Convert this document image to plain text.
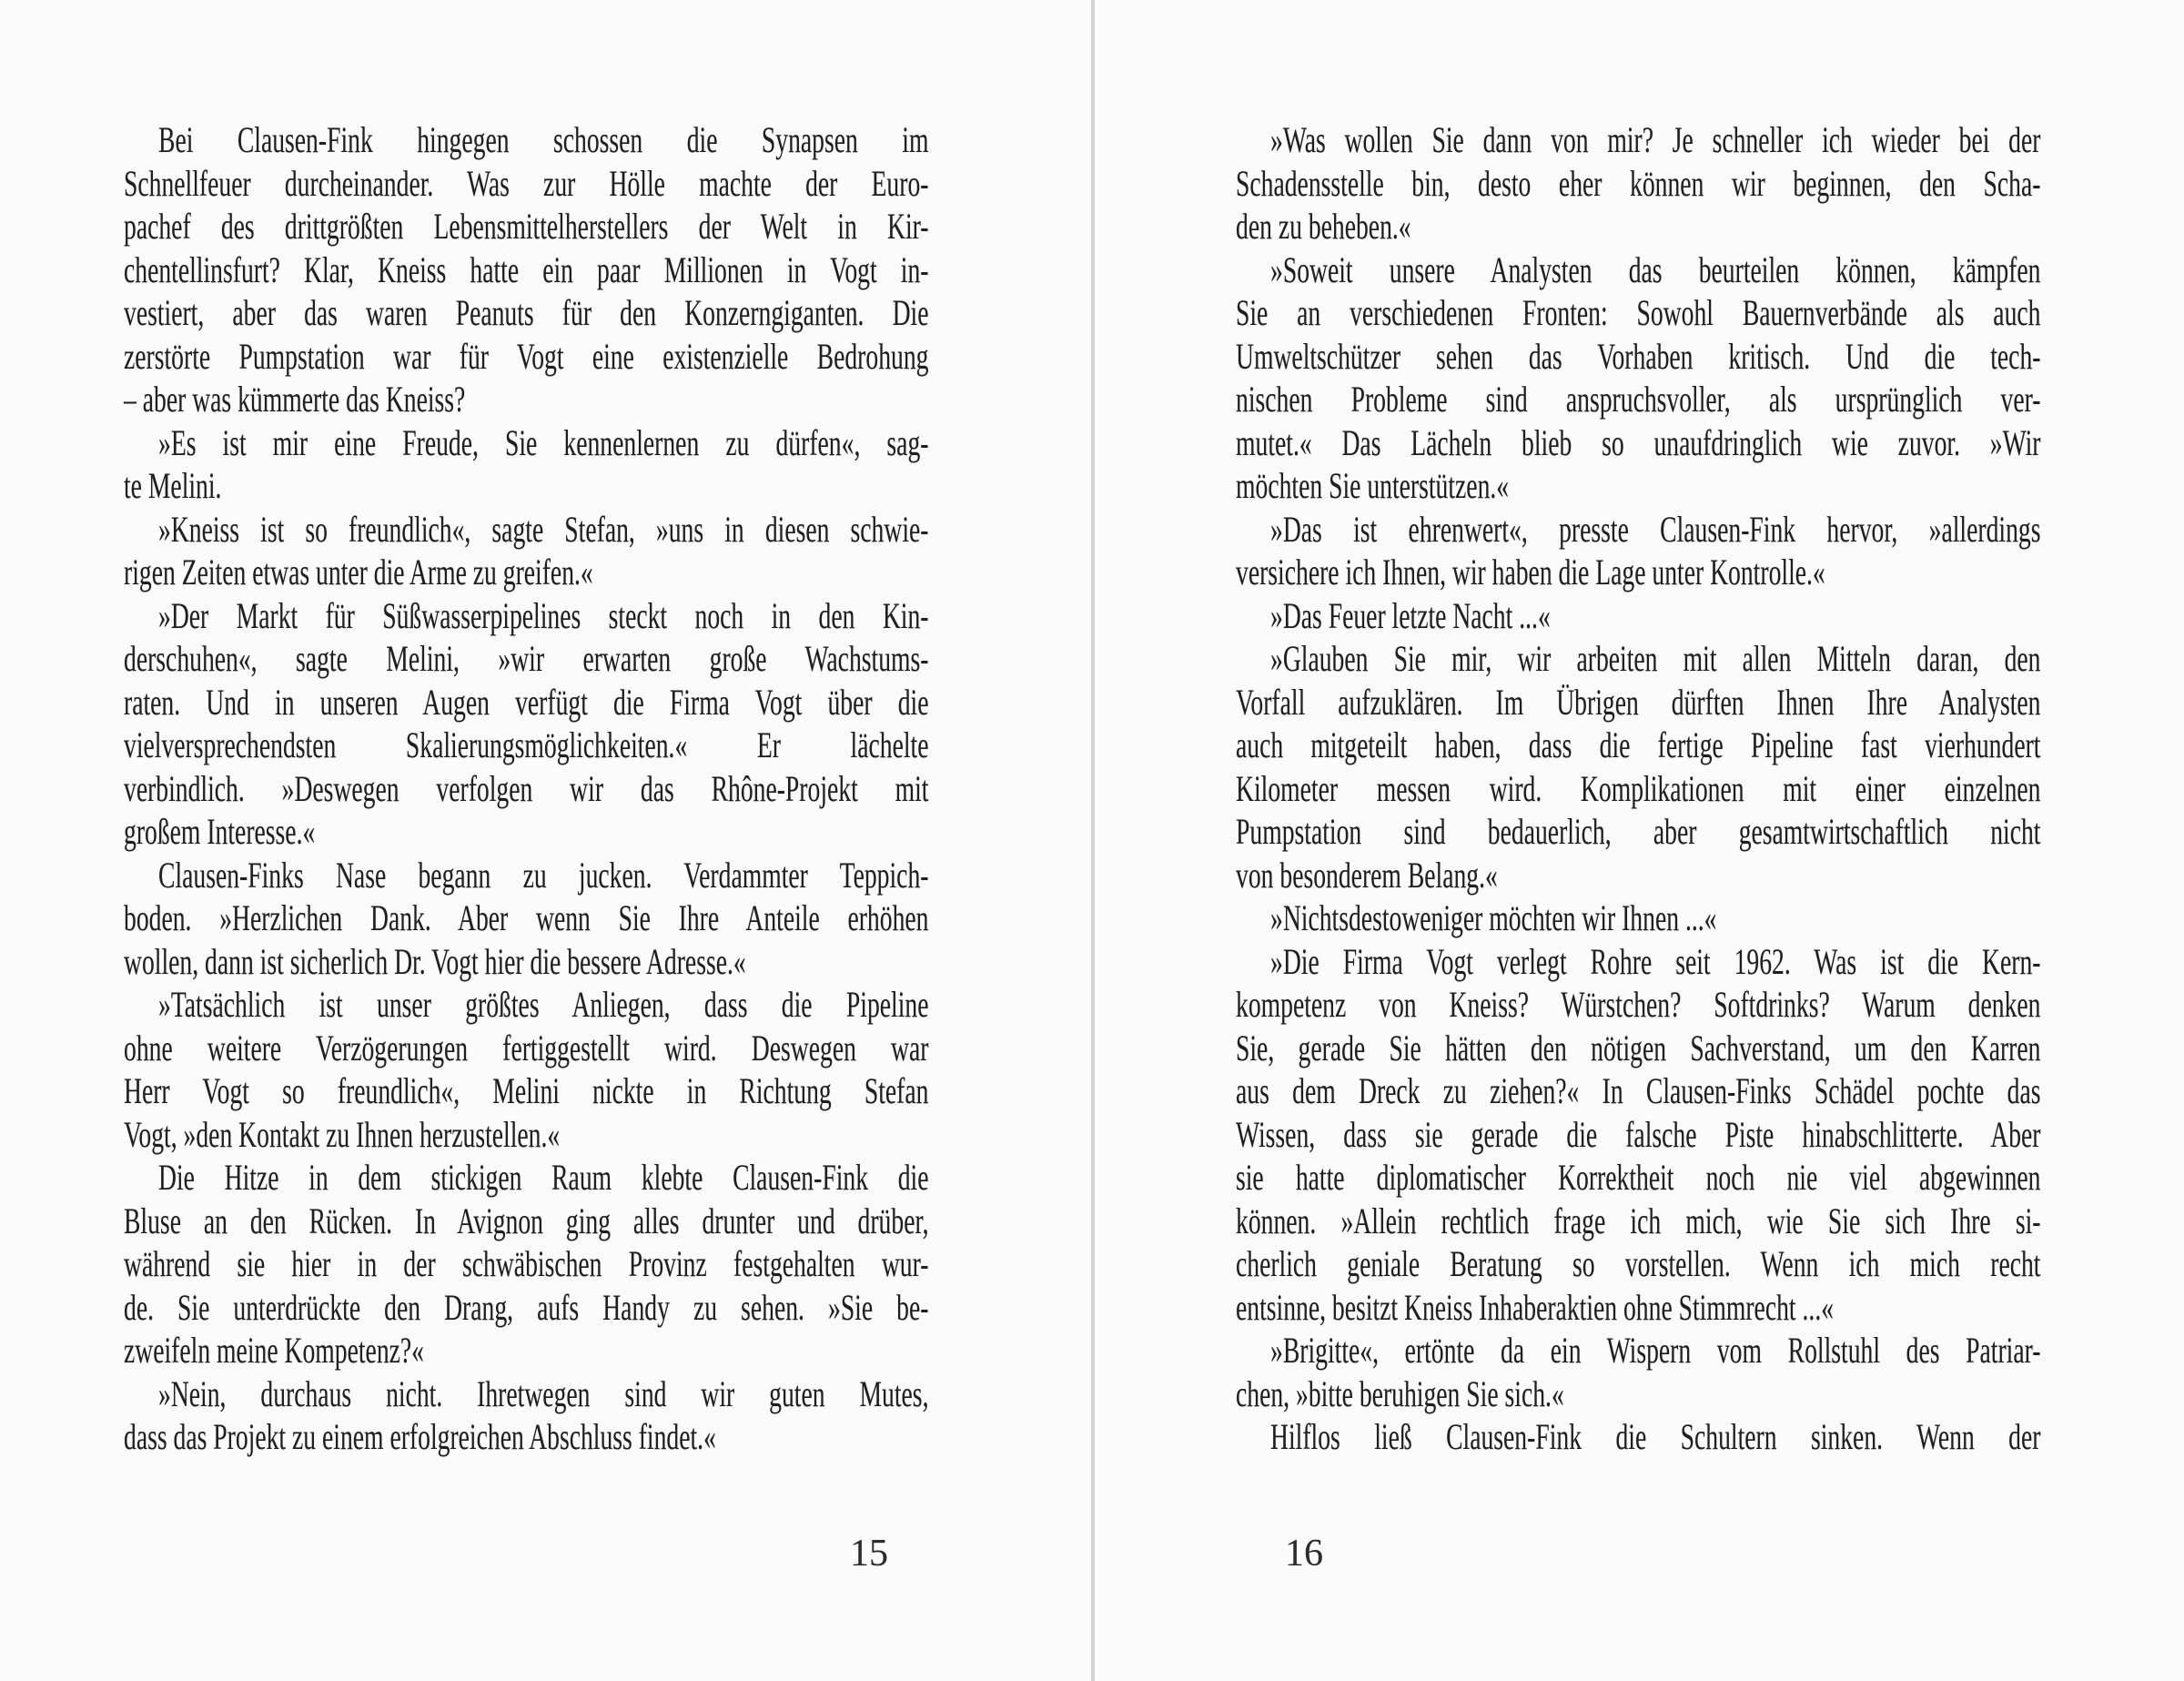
Bei Clausen-Fink hingegen schossen die Synapsen im
Schnellfeuer durcheinander. Was zur Hölle machte der Euro-
pachef des drittgrößten Lebensmittelherstellers der Welt in Kir-
chentellinsfurt? Klar, Kneiss hatte ein paar Millionen in Vogt in-
vestiert, aber das waren Peanuts für den Konzerngiganten. Die
zerstörte Pumpstation war für Vogt eine existenzielle Bedrohung
– aber was kümmerte das Kneiss?
»Es ist mir eine Freude, Sie kennenlernen zu dürfen«, sag-
te Melini.
»Kneiss ist so freundlich«, sagte Stefan, »uns in diesen schwie-
rigen Zeiten etwas unter die Arme zu greifen.«
»Der Markt für Süßwasserpipelines steckt noch in den Kin-
derschuhen«, sagte Melini, »wir erwarten große Wachstums-
raten. Und in unseren Augen verfügt die Firma Vogt über die
vielversprechendsten Skalierungsmöglichkeiten.« Er lächelte
verbindlich. »Deswegen verfolgen wir das Rhône-Projekt mit
großem Interesse.«
Clausen-Finks Nase begann zu jucken. Verdammter Teppich-
boden. »Herzlichen Dank. Aber wenn Sie Ihre Anteile erhöhen
wollen, dann ist sicherlich Dr. Vogt hier die bessere Adresse.«
»Tatsächlich ist unser größtes Anliegen, dass die Pipeline
ohne weitere Verzögerungen fertiggestellt wird. Deswegen war
Herr Vogt so freundlich«, Melini nickte in Richtung Stefan
Vogt, »den Kontakt zu Ihnen herzustellen.«
Die Hitze in dem stickigen Raum klebte Clausen-Fink die
Bluse an den Rücken. In Avignon ging alles drunter und drüber,
während sie hier in der schwäbischen Provinz festgehalten wur-
de. Sie unterdrückte den Drang, aufs Handy zu sehen. »Sie be-
zweifeln meine Kompetenz?«
»Nein, durchaus nicht. Ihretwegen sind wir guten Mutes,
dass das Projekt zu einem erfolgreichen Abschluss findet.«
»Was wollen Sie dann von mir? Je schneller ich wieder bei der
Schadensstelle bin, desto eher können wir beginnen, den Scha-
den zu beheben.«
»Soweit unsere Analysten das beurteilen können, kämpfen
Sie an verschiedenen Fronten: Sowohl Bauernverbände als auch
Umweltschützer sehen das Vorhaben kritisch. Und die tech-
nischen Probleme sind anspruchsvoller, als ursprünglich ver-
mutet.« Das Lächeln blieb so unaufdringlich wie zuvor. »Wir
möchten Sie unterstützen.«
»Das ist ehrenwert«, presste Clausen-Fink hervor, »allerdings
versichere ich Ihnen, wir haben die Lage unter Kontrolle.«
»Das Feuer letzte Nacht ...«
»Glauben Sie mir, wir arbeiten mit allen Mitteln daran, den
Vorfall aufzuklären. Im Übrigen dürften Ihnen Ihre Analysten
auch mitgeteilt haben, dass die fertige Pipeline fast vierhundert
Kilometer messen wird. Komplikationen mit einer einzelnen
Pumpstation sind bedauerlich, aber gesamtwirtschaftlich nicht
von besonderem Belang.«
»Nichtsdestoweniger möchten wir Ihnen ...«
»Die Firma Vogt verlegt Rohre seit 1962. Was ist die Kern-
kompetenz von Kneiss? Würstchen? Softdrinks? Warum denken
Sie, gerade Sie hätten den nötigen Sachverstand, um den Karren
aus dem Dreck zu ziehen?« In Clausen-Finks Schädel pochte das
Wissen, dass sie gerade die falsche Piste hinabschlitterte. Aber
sie hatte diplomatischer Korrektheit noch nie viel abgewinnen
können. »Allein rechtlich frage ich mich, wie Sie sich Ihre si-
cherlich geniale Beratung so vorstellen. Wenn ich mich recht
entsinne, besitzt Kneiss Inhaberaktien ohne Stimmrecht ...«
»Brigitte«, ertönte da ein Wispern vom Rollstuhl des Patriar-
chen, »bitte beruhigen Sie sich.«
Hilflos ließ Clausen-Fink die Schultern sinken. Wenn der
15	16
